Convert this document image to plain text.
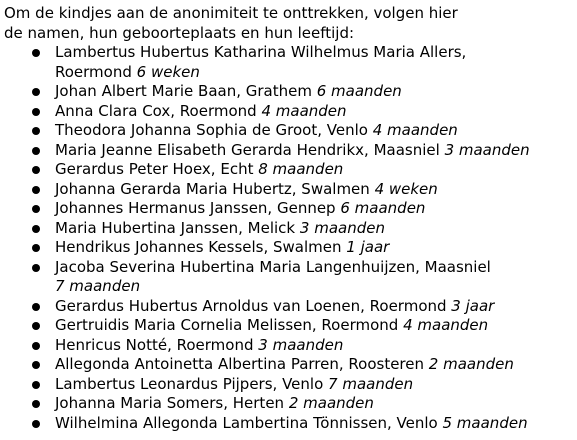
Om de kindjes aan de anonimiteit te onttrekken, volgen hier
de namen, hun geboorteplaats en hun leeftijd:

Lambertus Hubertus Katharina Wilhelmus Maria Allers,
Roermond 6 weken
Johan Albert Marie Baan, Grathem 6 maanden
Anna Clara Cox, Roermond 4 maanden
Theodora Johanna Sophia de Groot, Venlo 4 maanden
Maria Jeanne Elisabeth Gerarda Hendrikx, Maasniel 3 maanden
Gerardus Peter Hoex, Echt 8 maanden
Johanna Gerarda Maria Hubertz, Swalmen 4 weken
Johannes Hermanus Janssen, Gennep 6 maanden
Maria Hubertina Janssen, Melick 3 maanden
Hendrikus Johannes Kessels, Swalmen 1 jaar
Jacoba Severina Hubertina Maria Langenhuijzen, Maasniel
7 maanden
Gerardus Hubertus Arnoldus van Loenen, Roermond 3 jaar
Gertruidis Maria Cornelia Melissen, Roermond 4 maanden
Henricus Notté, Roermond 3 maanden
Allegonda Antoinetta Albertina Parren, Roosteren 2 maanden
Lambertus Leonardus Pijpers, Venlo 7 maanden
Johanna Maria Somers, Herten 2 maanden
Wilhelmina Allegonda Lambertina Tönnissen, Venlo 5 maanden
